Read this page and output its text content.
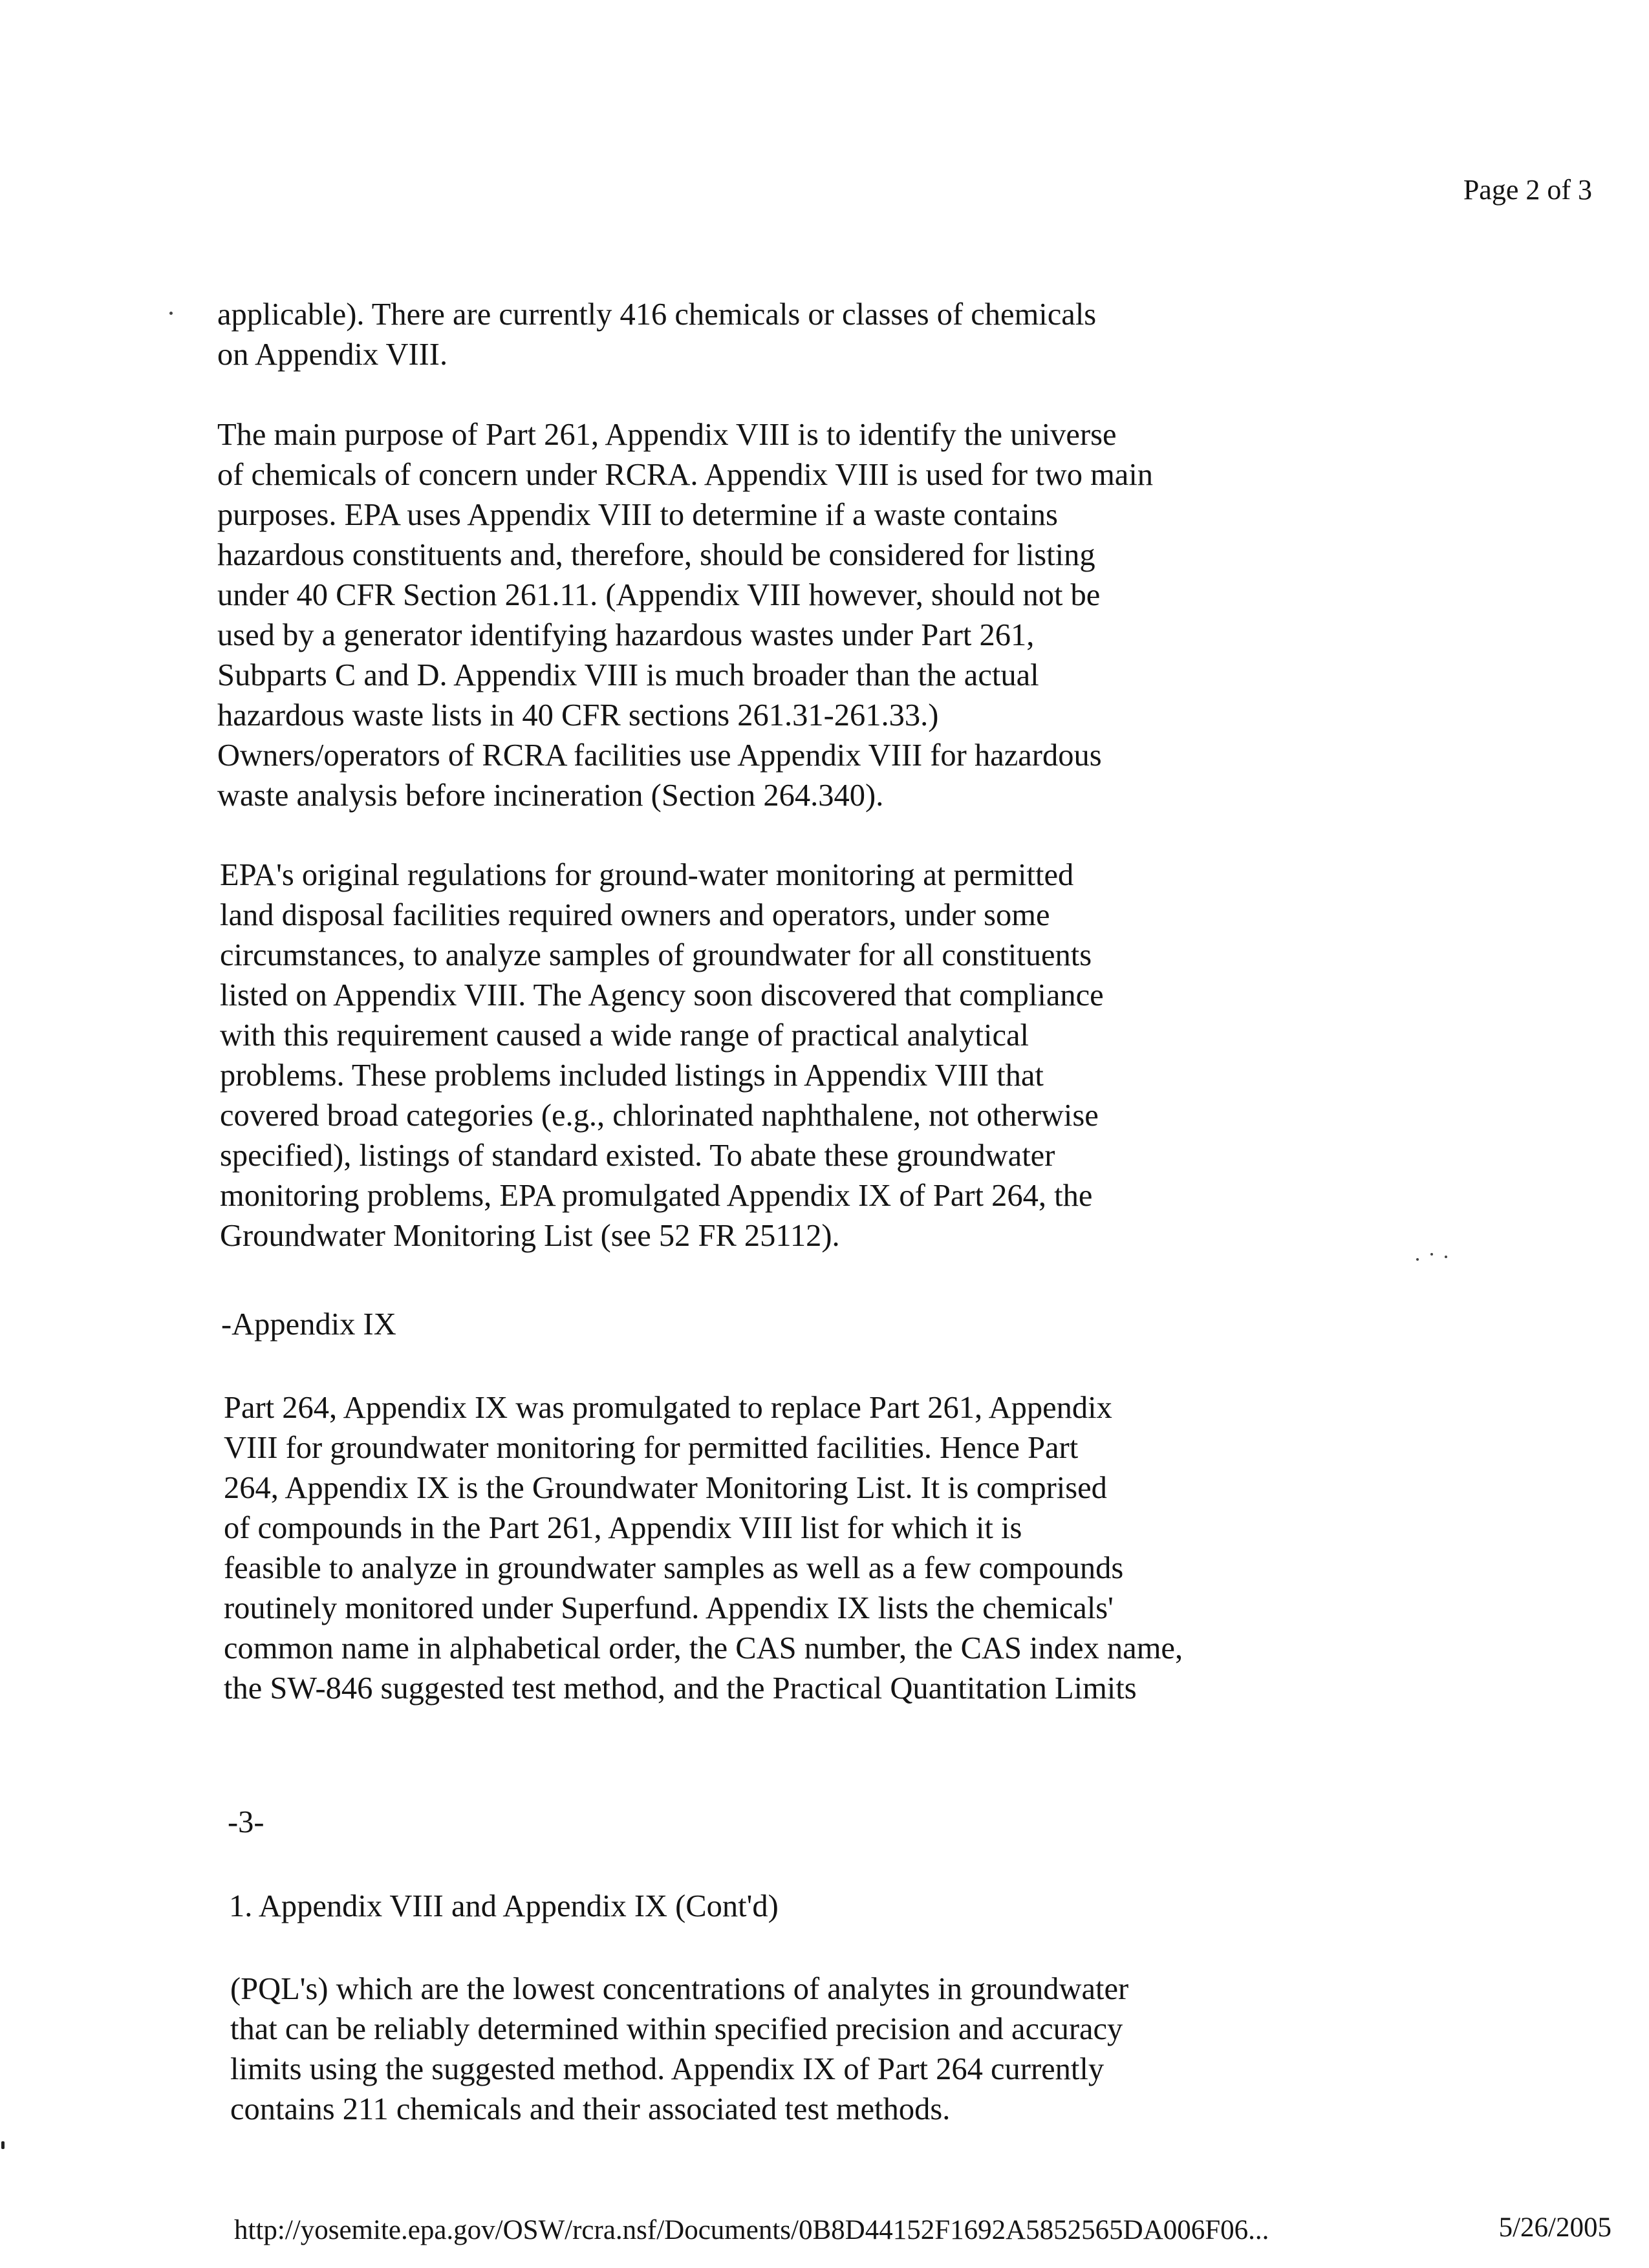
Page 2 of 3
applicable). There are currently 416 chemicals or classes of chemicals
on Appendix VIII.
The main purpose of Part 261, Appendix VIII is to identify the universe
of chemicals of concern under RCRA. Appendix VIII is used for two main
purposes. EPA uses Appendix VIII to determine if a waste contains
hazardous constituents and, therefore, should be considered for listing
under 40 CFR Section 261.11. (Appendix VIII however, should not be
used by a generator identifying hazardous wastes under Part 261,
Subparts C and D. Appendix VIII is much broader than the actual
hazardous waste lists in 40 CFR sections 261.31-261.33.)
Owners/operators of RCRA facilities use Appendix VIII for hazardous
waste analysis before incineration (Section 264.340).
EPA's original regulations for ground-water monitoring at permitted
land disposal facilities required owners and operators, under some
circumstances, to analyze samples of groundwater for all constituents
listed on Appendix VIII. The Agency soon discovered that compliance
with this requirement caused a wide range of practical analytical
problems. These problems included listings in Appendix VIII that
covered broad categories (e.g., chlorinated naphthalene, not otherwise
specified), listings of standard existed. To abate these groundwater
monitoring problems, EPA promulgated Appendix IX of Part 264, the
Groundwater Monitoring List (see 52 FR 25112).
-Appendix IX
Part 264, Appendix IX was promulgated to replace Part 261, Appendix
VIII for groundwater monitoring for permitted facilities. Hence Part
264, Appendix IX is the Groundwater Monitoring List. It is comprised
of compounds in the Part 261, Appendix VIII list for which it is
feasible to analyze in groundwater samples as well as a few compounds
routinely monitored under Superfund. Appendix IX lists the chemicals'
common name in alphabetical order, the CAS number, the CAS index name,
the SW-846 suggested test method, and the Practical Quantitation Limits
-3-
1. Appendix VIII and Appendix IX (Cont'd)
(PQL's) which are the lowest concentrations of analytes in groundwater
that can be reliably determined within specified precision and accuracy
limits using the suggested method. Appendix IX of Part 264 currently
contains 211 chemicals and their associated test methods.
http://yosemite.epa.gov/OSW/rcra.nsf/Documents/0B8D44152F1692A5852565DA006F06...	5/26/2005
